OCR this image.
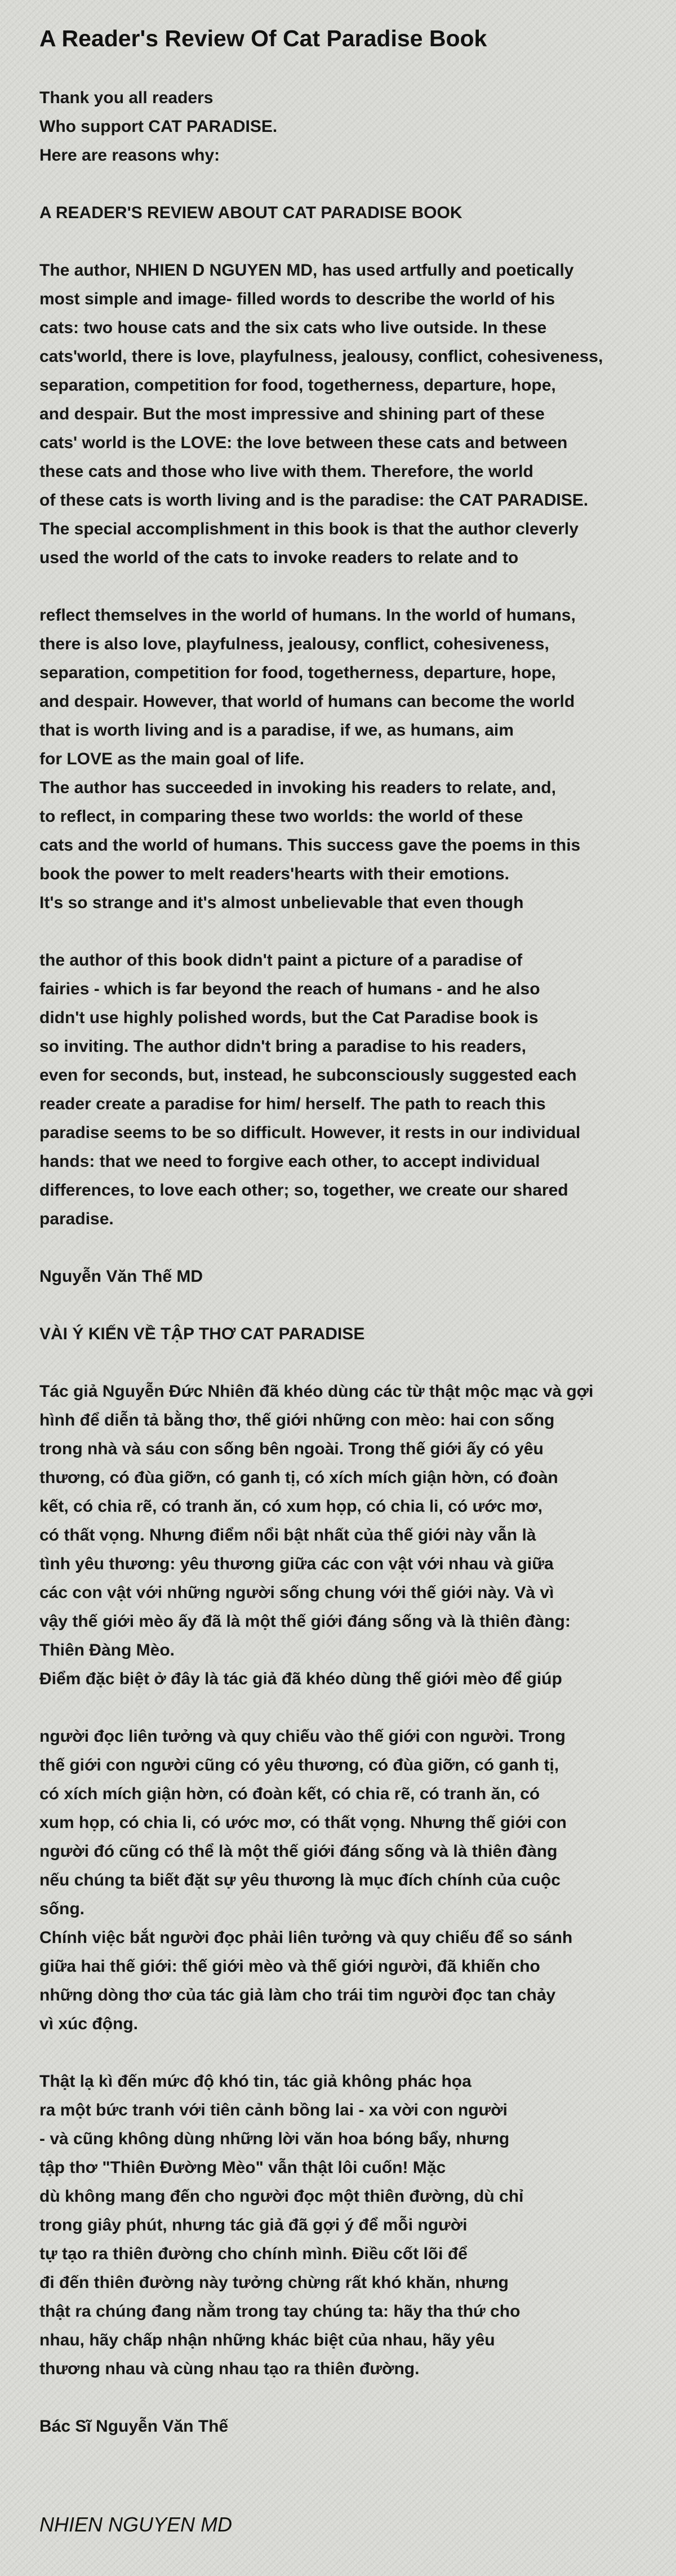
A Reader's Review Of Cat Paradise Book

Thank you all readers
Who support CAT PARADISE.
Here are reasons why:

A READER'S REVIEW ABOUT CAT PARADISE BOOK

The author, NHIEN D NGUYEN MD, has used artfully and poetically
most simple and image- filled words to describe the world of his
cats: two house cats and the six cats who live outside. In these
cats'world, there is love, playfulness, jealousy, conflict, cohesiveness,
separation, competition for food, togetherness, departure, hope,
and despair. But the most impressive and shining part of these
cats' world is the LOVE: the love between these cats and between
these cats and those who live with them. Therefore, the world
of these cats is worth living and is the paradise: the CAT PARADISE.
The special accomplishment in this book is that the author cleverly
used the world of the cats to invoke readers to relate and to

reflect themselves in the world of humans. In the world of humans,
there is also love, playfulness, jealousy, conflict, cohesiveness,
separation, competition for food, togetherness, departure, hope,
and despair. However, that world of humans can become the world
that is worth living and is a paradise, if we, as humans, aim
for LOVE as the main goal of life.
The author has succeeded in invoking his readers to relate, and,
to reflect, in comparing these two worlds: the world of these
cats and the world of humans. This success gave the poems in this
book the power to melt readers'hearts with their emotions.
It's so strange and it's almost unbelievable that even though

the author of this book didn't paint a picture of a paradise of
fairies - which is far beyond the reach of humans - and he also
didn't use highly polished words, but the Cat Paradise book is
so inviting. The author didn't bring a paradise to his readers,
even for seconds, but, instead, he subconsciously suggested each
reader create a paradise for him/ herself. The path to reach this
paradise seems to be so difficult. However, it rests in our individual
hands: that we need to forgive each other, to accept individual
differences, to love each other; so, together, we create our shared
paradise.

Nguyễn Văn Thế MD

VÀI Ý KIẾN VỀ TẬP THƠ CAT PARADISE

Tác giả Nguyễn Đức Nhiên đã khéo dùng các từ thật mộc mạc và gợi
hình để diễn tả bằng thơ, thế giới những con mèo: hai con sống
trong nhà và sáu con sống bên ngoài. Trong thế giới ấy có yêu
thương, có đùa giỡn, có ganh tị, có xích mích giận hờn, có đoàn
kết, có chia rẽ, có tranh ăn, có xum họp, có chia li, có ước mơ,
có thất vọng. Nhưng điểm nổi bật nhất của thế giới này vẫn là
tình yêu thương: yêu thương giữa các con vật với nhau và giữa
các con vật với những người sống chung với thế giới này. Và vì
vậy thế giới mèo ấy đã là một thế giới đáng sống và là thiên đàng:
Thiên Đàng Mèo.
Điểm đặc biệt ở đây là tác giả đã khéo dùng thế giới mèo để giúp

người đọc liên tưởng và quy chiếu vào thế giới con người. Trong
thế giới con người cũng có yêu thương, có đùa giỡn, có ganh tị,
có xích mích giận hờn, có đoàn kết, có chia rẽ, có tranh ăn, có
xum họp, có chia li, có ước mơ, có thất vọng. Nhưng thế giới con
người đó cũng có thể là một thế giới đáng sống và là thiên đàng
nếu chúng ta biết đặt sự yêu thương là mục đích chính của cuộc
sống.
Chính việc bắt người đọc phải liên tưởng và quy chiếu để so sánh
giữa hai thế giới: thế giới mèo và thế giới người, đã khiến cho
những dòng thơ của tác giả làm cho trái tim người đọc tan chảy
vì xúc động.

Thật lạ kì đến mức độ khó tin, tác giả không phác họa
ra một bức tranh với tiên cảnh bồng lai - xa vời con người
- và cũng không dùng những lời văn hoa bóng bẩy, nhưng
tập thơ "Thiên Đường Mèo" vẫn thật lôi cuốn! Mặc
dù không mang đến cho người đọc một thiên đường, dù chỉ
trong giây phút, nhưng tác giả đã gợi ý để mỗi người
tự tạo ra thiên đường cho chính mình. Điều cốt lõi để
đi đến thiên đường này tưởng chừng rất khó khăn, nhưng
thật ra chúng đang nằm trong tay chúng ta: hãy tha thứ cho
nhau, hãy chấp nhận những khác biệt của nhau, hãy yêu
thương nhau và cùng nhau tạo ra thiên đường.

Bác Sĩ Nguyễn Văn Thế

NHIEN NGUYEN MD
